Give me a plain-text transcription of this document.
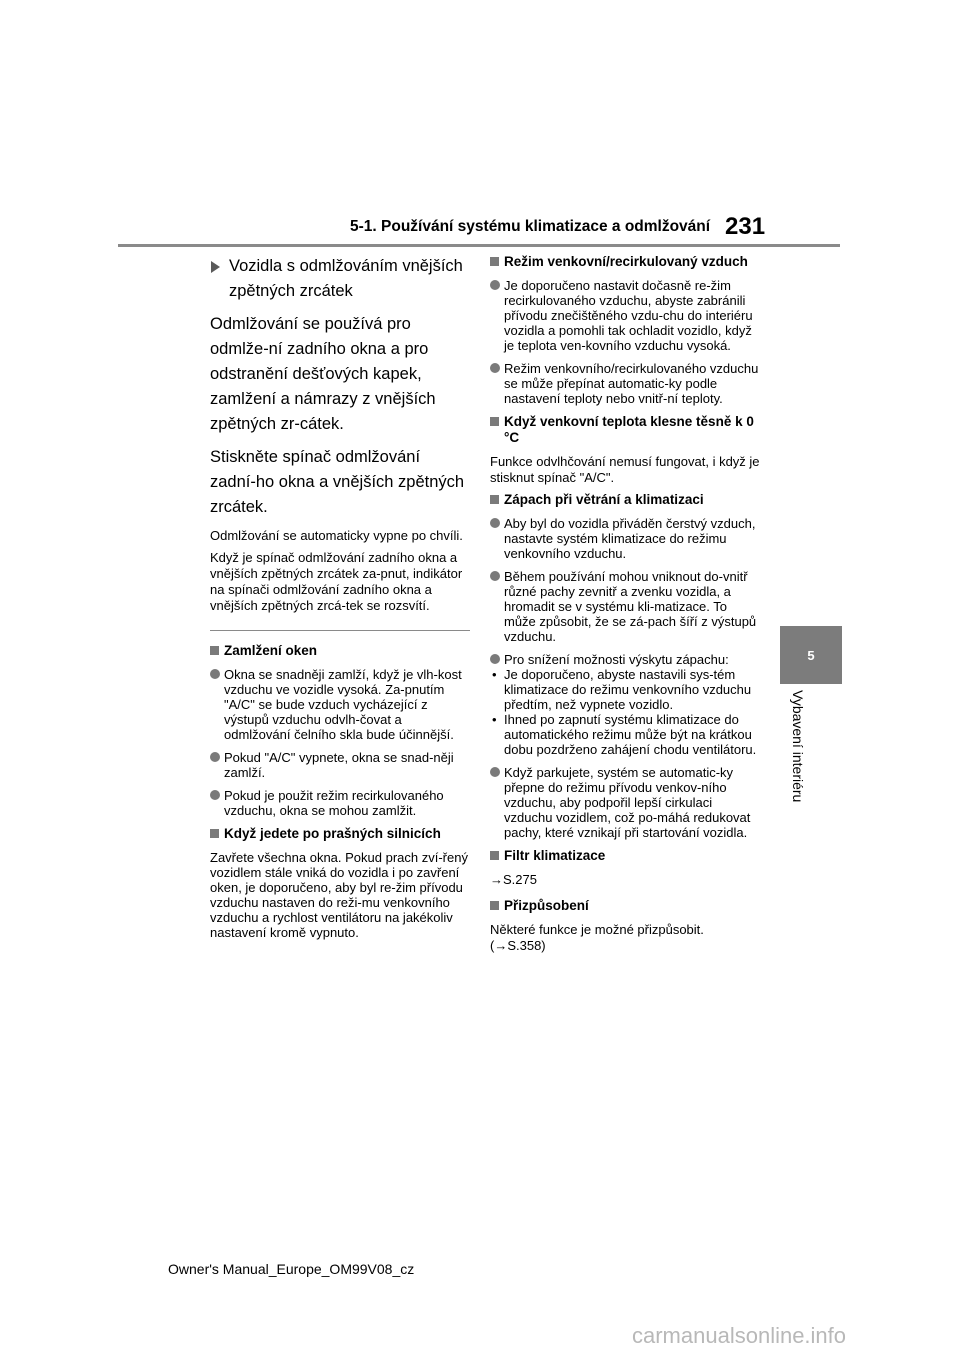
5-1. Používání systému klimatizace a odmlžování 231
5
Vybavení interiéru
Vozidla s odmlžováním vnějších zpětných zrcátek

Odmlžování se používá pro odmlže-ní zadního okna a pro odstranění dešťových kapek, zamlžení a námrazy z vnějších zpětných zr-cátek.

Stiskněte spínač odmlžování zadní-ho okna a vnějších zpětných zrcátek.

Odmlžování se automaticky vypne po chvíli.

Když je spínač odmlžování zadního okna a vnějších zpětných zrcátek za-pnut, indikátor na spínači odmlžování zadního okna a vnějších zpětných zrcá-tek se rozsvítí.

Zamlžení oken
Okna se snadněji zamlží, když je vlh-kost vzduchu ve vozidle vysoká. Za-pnutím "A/C" se bude vzduch vycházející z výstupů vzduchu odvlh-čovat a odmlžování čelního skla bude účinnější.
Pokud "A/C" vypnete, okna se snad-něji zamlží.
Pokud je použit režim recirkulovaného vzduchu, okna se mohou zamlžit.
Když jedete po prašných silnicích

Zavřete všechna okna. Pokud prach zví-řený vozidlem stále vniká do vozidla i po zavření oken, je doporučeno, aby byl re-žim přívodu vzduchu nastaven do reži-mu venkovního vzduchu a rychlost ventilátoru na jakékoliv nastavení kromě vypnuto.

Režim venkovní/recirkulovaný vzduch
Je doporučeno nastavit dočasně re-žim recirkulovaného vzduchu, abyste zabránili přívodu znečištěného vzdu-chu do interiéru vozidla a pomohli tak ochladit vozidlo, když je teplota ven-kovního vzduchu vysoká.
Režim venkovního/recirkulovaného vzduchu se může přepínat automatic-ky podle nastavení teploty nebo vnitř-ní teploty.
Když venkovní teplota klesne těsně k 0 °C

Funkce odvlhčování nemusí fungovat, i když je stisknut spínač "A/C".

Zápach při větrání a klimatizaci
Aby byl do vozidla přiváděn čerstvý vzduch, nastavte systém klimatizace do režimu venkovního vzduchu.
Během používání mohou vniknout do-vnitř různé pachy zevnitř a zvenku vozidla, a hromadit se v systému kli-matizace. To může způsobit, že se zá-pach šíří z výstupů vzduchu.
Pro snížení možnosti výskytu zápachu:
• Je doporučeno, abyste nastavili sys-tém klimatizace do režimu venkovního vzduchu předtím, než vypnete vozidlo.
• Ihned po zapnutí systému klimatizace do automatického režimu může být na krátkou dobu pozdrženo zahájení chodu ventilátoru.
Když parkujete, systém se automatic-ky přepne do režimu přívodu venkov-ního vzduchu, aby podpořil lepší cirkulaci vzduchu vozidlem, což po-máhá redukovat pachy, které vznikají při startování vozidla.
Filtr klimatizace

→S.275

Přizpůsobení

Některé funkce je možné přizpůsobit. (→S.358)

Owner's Manual_Europe_OM99V08_cz
carmanualsonline.info
